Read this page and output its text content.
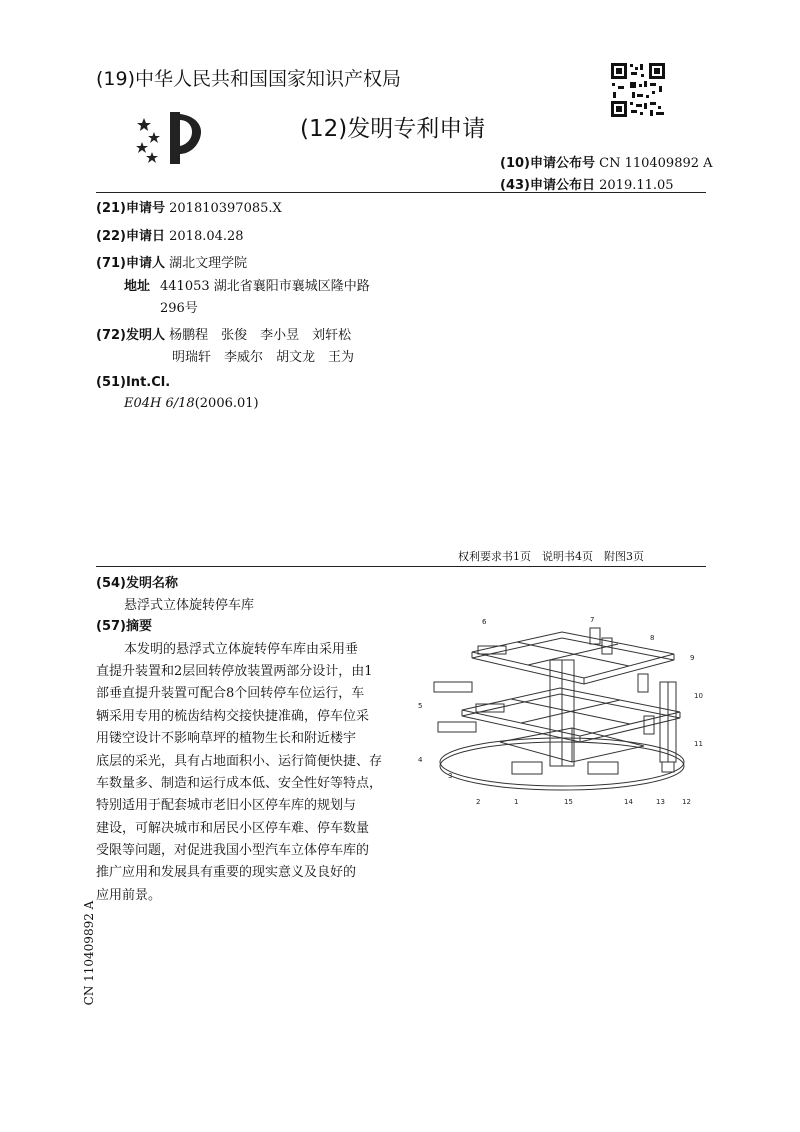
(19)中华人民共和国国家知识产权局
(12)发明专利申请
(10)申请公布号 CN 110409892 A
(43)申请公布日 2019.11.05
(21)申请号 201810397085.X
(22)申请日 2018.04.28
(71)申请人 湖北文理学院
地址 441053 湖北省襄阳市襄城区隆中路
296号
(72)发明人 杨鹏程　张俊　李小昱　刘轩松
明瑞轩　李威尔　胡文龙　王为
(51)Int.Cl.
E04H 6/18(2006.01)
权利要求书1页　说明书4页　附图3页
(54)发明名称
悬浮式立体旋转停车库
(57)摘要
本发明的悬浮式立体旋转停车库由采用垂
直提升装置和2层回转停放装置两部分设计，由1
部垂直提升装置可配合8个回转停车位运行，车
辆采用专用的梳齿结构交接快捷准确，停车位采
用镂空设计不影响草坪的植物生长和附近楼宇
底层的采光，具有占地面积小、运行简便快捷、存
车数量多、制造和运行成本低、安全性好等特点，
特别适用于配套城市老旧小区停车库的规划与
建设，可解决城市和居民小区停车难、停车数量
受限等问题，对促进我国小型汽车立体停车库的
推广应用和发展具有重要的现实意义及良好的
应用前景。
6	7
8
9
10
11
12
13
14
15
1
2
3
4
5
CN 110409892 A
